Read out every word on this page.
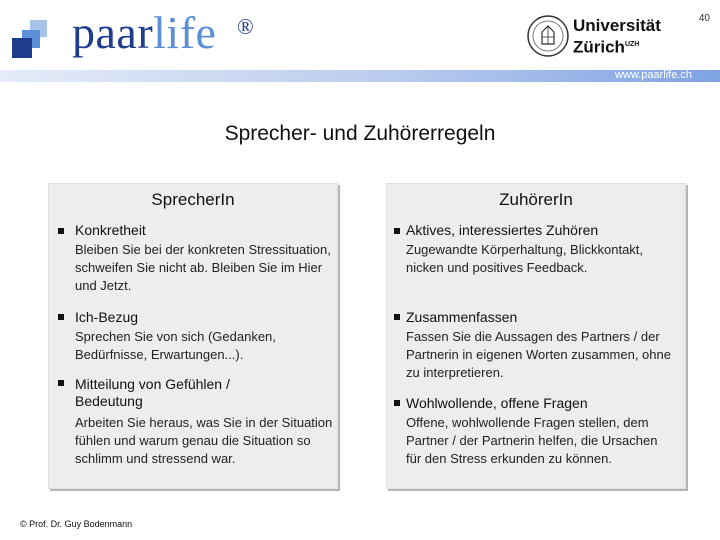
paarlife ®	40
Universität
Zürich$^{UZH}$
www.paarlife.ch
Sprecher- und Zuhörerregeln
SprecherIn	ZuhörerIn
Konkretheit
Bleiben Sie bei der konkreten Stressituation, schweifen Sie nicht ab. Bleiben Sie im Hier und Jetzt.
Ich-Bezug
Sprechen Sie von sich (Gedanken, Bedürfnisse, Erwartungen...).
Mitteilung von Gefühlen / Bedeutung
Arbeiten Sie heraus, was Sie in der Situation fühlen und warum genau die Situation so schlimm und stressend war.
Aktives, interessiertes Zuhören
Zugewandte Körperhaltung, Blickkontakt, nicken und positives Feedback.
Zusammenfassen
Fassen Sie die Aussagen des Partners / der Partnerin in eigenen Worten zusammen, ohne zu interpretieren.
Wohlwollende, offene Fragen
Offene, wohlwollende Fragen stellen, dem Partner / der Partnerin helfen, die Ursachen für den Stress erkunden zu können.
© Prof. Dr. Guy Bodenmann
